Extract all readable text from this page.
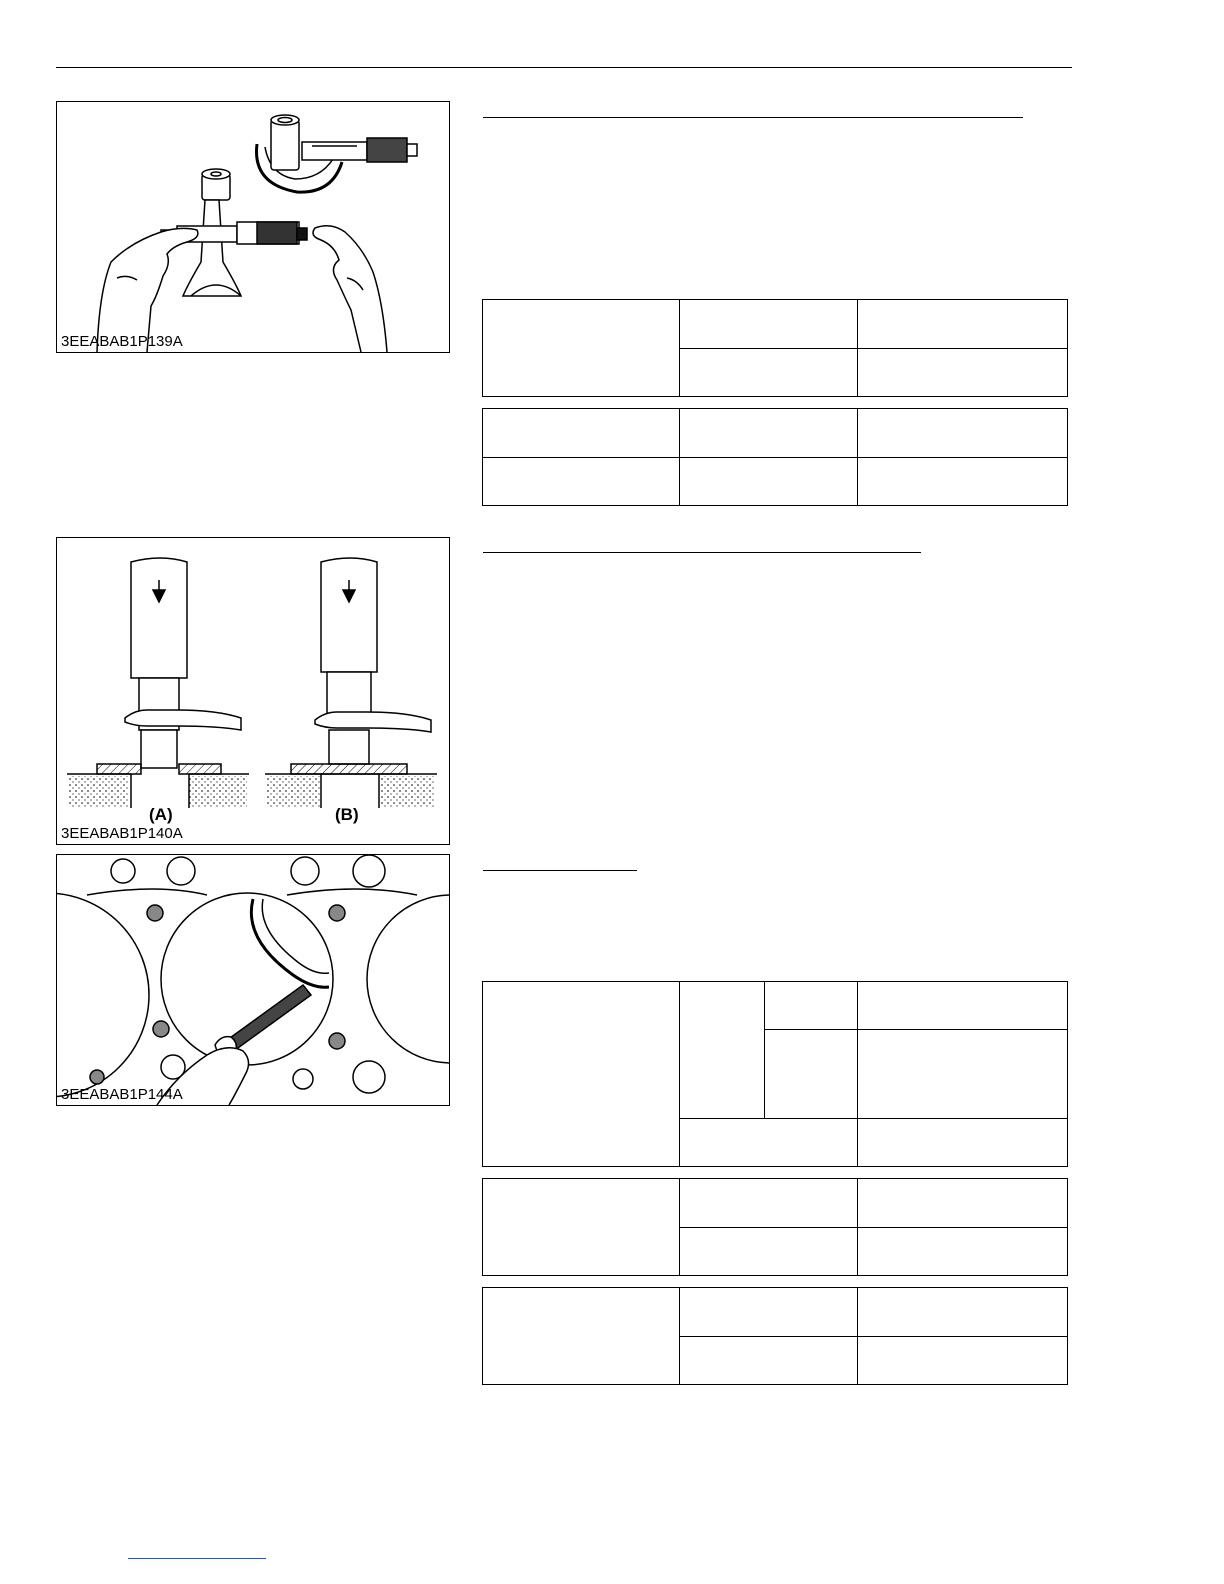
3EEABAB1P139A
(A)	(B)
3EEABAB1P140A
3EEABAB1P144A
